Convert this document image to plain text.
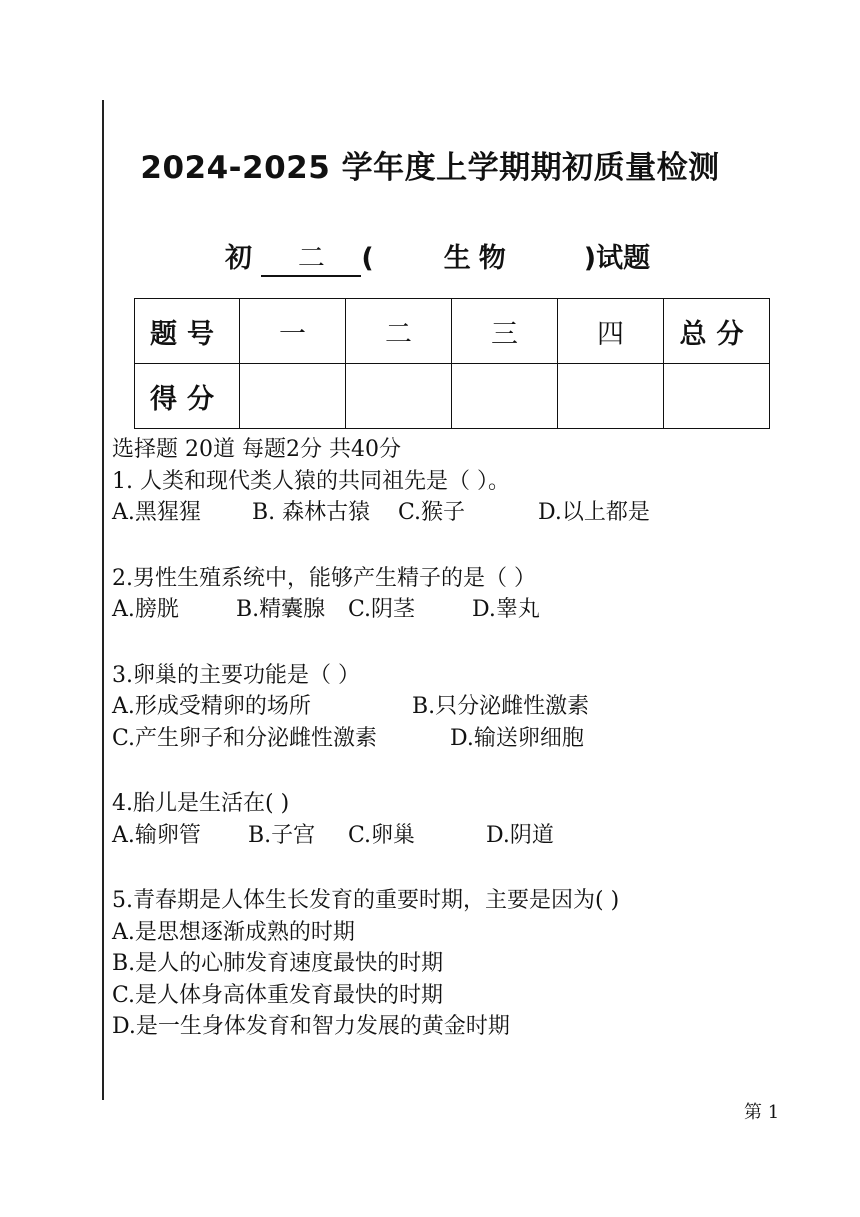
2024-2025 学年度上学期期初质量检测
初 二 (	生物	)试题
题号	一	二	三	四	总分
得分					
选择题 20道 每题2分 共40分
1. 人类和现代类人猿的共同祖先是（ ）。
A.黑猩猩 B. 森林古猿 C.猴子	D.以上都是
2.男性生殖系统中，能够产生精子的是（ ）
A.膀胱	B.精囊腺 C.阴茎	D.睾丸
3.卵巢的主要功能是（ ）
A.形成受精卵的场所	B.只分泌雌性激素
C.产生卵子和分泌雌性激素	D.输送卵细胞
4.胎儿是生活在( )
A.输卵管 B.子宫 C.卵巢	D.阴道
5.青春期是人体生长发育的重要时期，主要是因为( )
A.是思想逐渐成熟的时期
B.是人的心肺发育速度最快的时期
C.是人体身高体重发育最快的时期
D.是一生身体发育和智力发展的黄金时期
第 1
